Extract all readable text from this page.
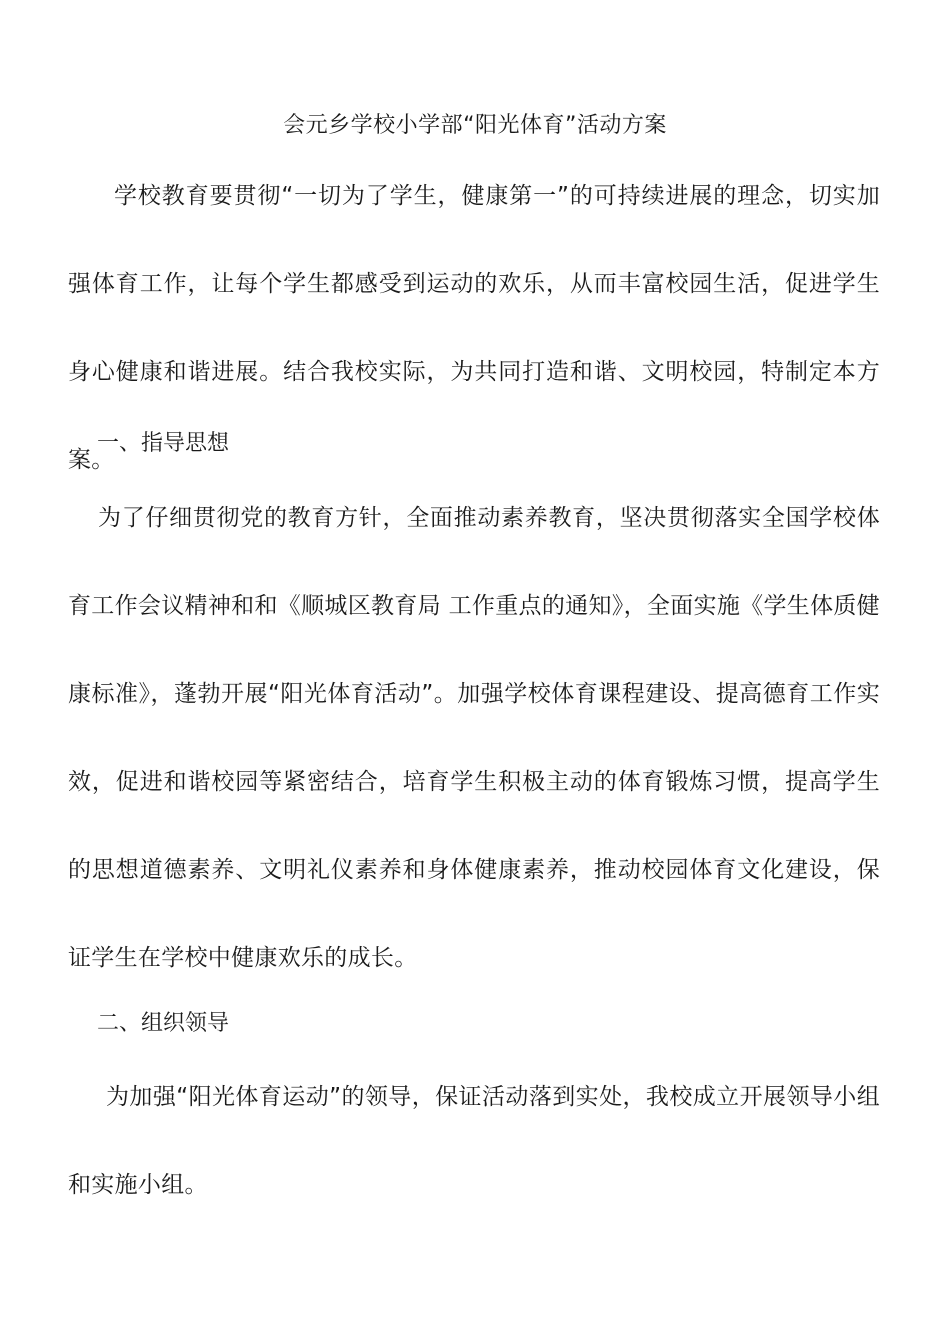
会元乡学校小学部“阳光体育”活动方案
学校教育要贯彻“一切为了学生，健康第一”的可持续进展的理念，切实加强体育工作，让每个学生都感受到运动的欢乐，从而丰富校园生活，促进学生身心健康和谐进展。结合我校实际，为共同打造和谐、文明校园，特制定本方案。
一、指导思想
为了仔细贯彻党的教育方针，全面推动素养教育，坚决贯彻落实全国学校体育工作会议精神和和《顺城区教育局 工作重点的通知》，全面实施《学生体质健康标准》，蓬勃开展“阳光体育活动”。加强学校体育课程建设、提高德育工作实效，促进和谐校园等紧密结合，培育学生积极主动的体育锻炼习惯，提高学生的思想道德素养、文明礼仪素养和身体健康素养，推动校园体育文化建设，保证学生在学校中健康欢乐的成长。
二、组织领导
为加强“阳光体育运动”的领导，保证活动落到实处，我校成立开展领导小组和实施小组。
